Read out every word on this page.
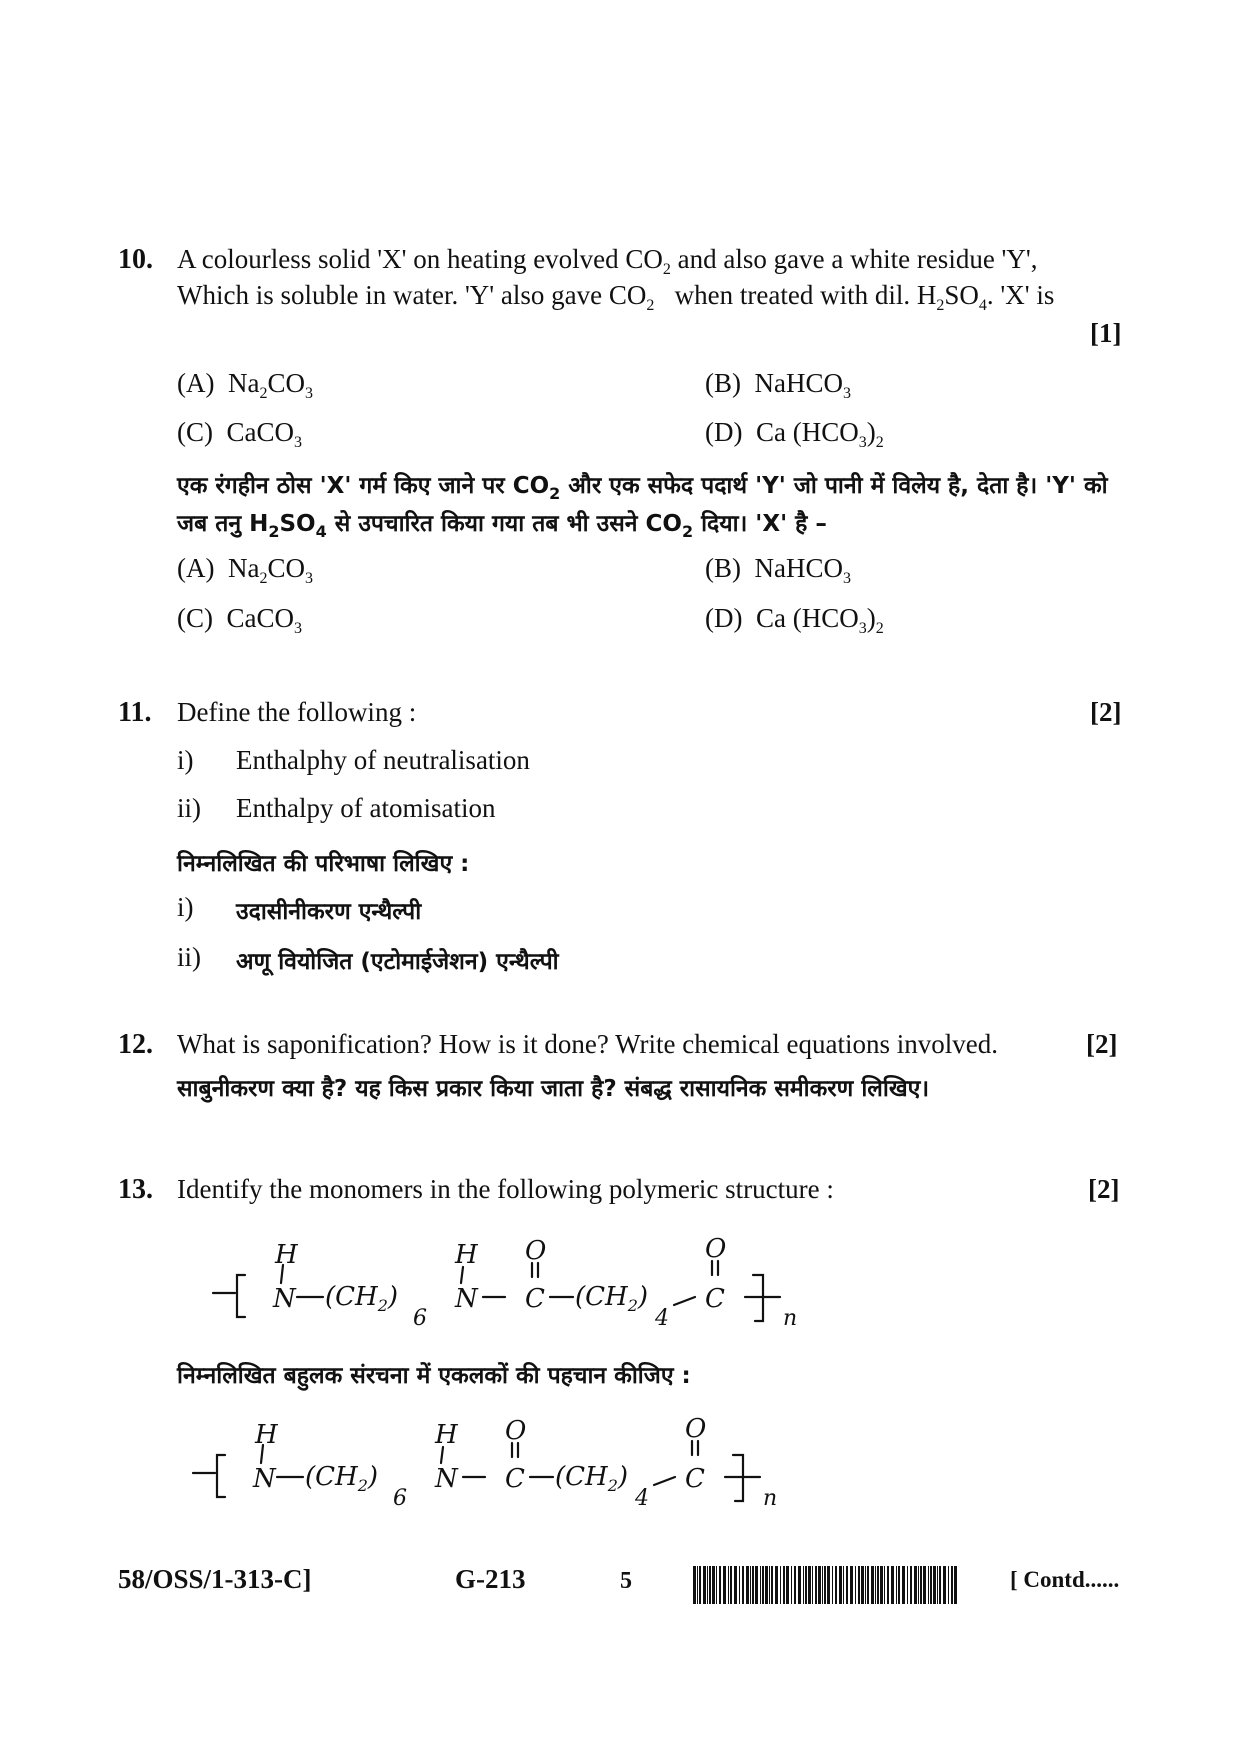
10. A colourless solid 'X' on heating evolved $CO_2$ and also gave a white residue 'Y',
Which is soluble in water. 'Y' also gave $CO_2$   when treated with dil. $H_2SO_4$. 'X' is
[1]
(A) $Na_2CO_3$	(B) NaHCO$_3$
(C) CaCO$_3$	(D) Ca $(HCO_3)_2$
एक रंगहीन ठोस 'X' गर्म किए जाने पर $CO_2$ और एक सफेद पदार्थ 'Y' जो पानी में विलेय है, देता है। 'Y' को
जब तनु $H_2SO_4$ से उपचारित किया गया तब भी उसने $CO_2$ दिया। 'X' है –
(A) $Na_2CO_3$	(B) NaHCO$_3$
(C) CaCO$_3$	(D) Ca $(HCO_3)_2$
11. Define the following :	[2]
i) Enthalphy of neutralisation
ii) Enthalpy of atomisation
निम्नलिखित की परिभाषा लिखिए :
i) उदासीनीकरण एन्थैल्पी
ii) अणू वियोजित (एटोमाईजेशन) एन्थैल्पी
12. What is saponification? How is it done? Write chemical equations involved.	[2]
साबुनीकरण क्या है? यह किस प्रकार किया जाता है? संबद्ध रासायनिक समीकरण लिखिए।
13. Identify the monomers in the following polymeric structure :	[2]
H
N $(CH_2)$
6
H
N
O
C $(CH_2)$
4
O
C
n
निम्नलिखित बहुलक संरचना में एकलकों की पहचान कीजिए :
H
N $(CH_2)$
6
H
N
O
C $(CH_2)$
4
O
C
n
58/OSS/1-313-C]	G-213	5	[ Contd......
